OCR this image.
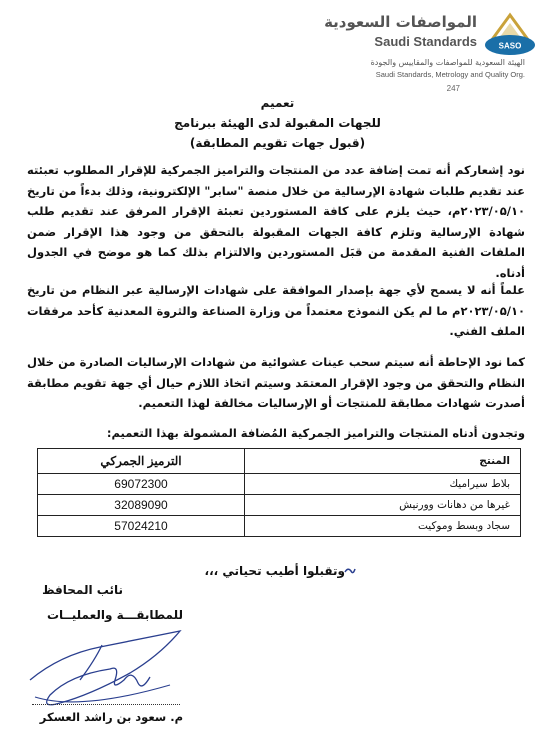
المواصفات السعودية
Saudi Standards	SASO
الهيئة السعودية للمواصفات والمقاييس والجودة
Saudi Standards, Metrology and Quality Org.
247
تعميم
للجهات المقبولة لدى الهيئة ببرنامج
(قبول جهات تقويم المطابقة)
نود إشعاركم أنه تمت إضافة عدد من المنتجات والترامیز الجمركية للإقرار المطلوب تعبئته عند تقديم طلبات شهادة الإرسالية من خلال منصة "سابر" الإلكترونية، وذلك بدءاً من تاريخ ۲۰۲۳/۰۵/۱۰م، حيث يلزم على كافة المستوردين تعبئة الإقرار المرفق عند تقديم طلب شهادة الإرسالية وتلزم كافة الجهات المقبولة بالتحقق من وجود هذا الإقرار ضمن الملفات الفنية المقدمة من قبَل المستوردين والالتزام بذلك كما هو موضح في الجدول أدناه.
علماً أنه لا يسمح لأي جهة بإصدار الموافقة على شهادات الإرسالية عبر النظام من تاريخ ۲۰۲۳/۰۵/۱۰م ما لم يكن النموذج معتمداً من وزارة الصناعة والثروة المعدنية كأحد مرفقات الملف الفني.
كما نود الإحاطة أنه سيتم سحب عينات عشوائية من شهادات الإرساليات الصادرة من خلال النظام والتحقق من وجود الإقرار المعتمَد وسيتم اتخاذ اللازم حيال أي جهة تقويم مطابقة أصدرت شهادات مطابقة للمنتجات أو الإرساليات مخالفة لهذا التعميم.
وتجدون أدناه المنتجات والترامیز الجمركية المُضافة المشمولة بهذا التعميم:
المنتج	الترميز الجمركي
بلاط سيراميك	69072300
غيرها من دهانات وورنيش	32089090
سجاد وبسط وموكيت	57024210
وتقبلوا أطيب تحياتي ،،،
نائب المحافظ
للمطابقـــة والعمليــات
م. سعود بن راشد العسكر
